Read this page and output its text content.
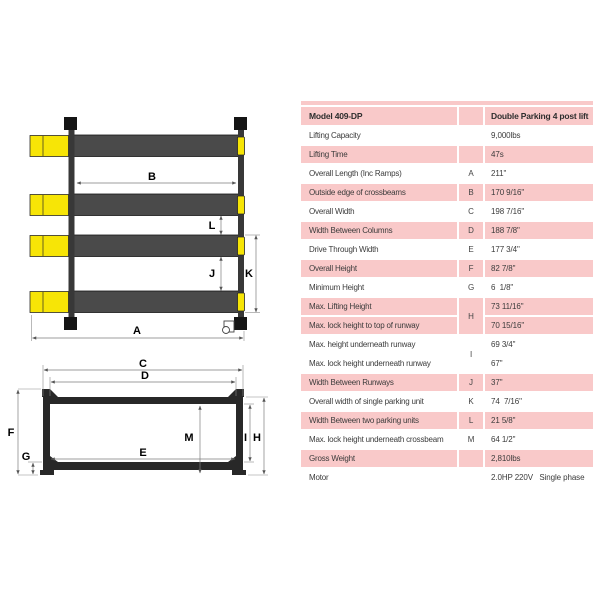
B
L
J	K
A
C
D
E
F
G
M	I H
Model 409-DP		Double Parking 4 post lift
Lifting Capacity		9,000lbs
Lifting Time		47s
Overall Length (Inc Ramps)	A	211"
Outside edge of crossbeams	B	170 9/16"
Overall Width	C	198 7/16"
Width Between Columns	D	188 7/8"
Drive Through Width	E	177 3/4"
Overall Height	F	82 7/8"
Minimum Height	G	6  1/8"
Max. Lifting Height	H	73 11/16"
Max. lock height to top of runway		70 15/16"
Max. height underneath runway	I	69 3/4"
Max. lock height underneath runway		67"
Width Between Runways	J	37"
Overall width of single parking unit	K	74  7/16"
Width Between two parking units	L	21 5/8"
Max. lock height underneath crossbeam	M	64 1/2"
Gross Weight		2,810lbs
Motor		2.0HP 220V   Single phase
